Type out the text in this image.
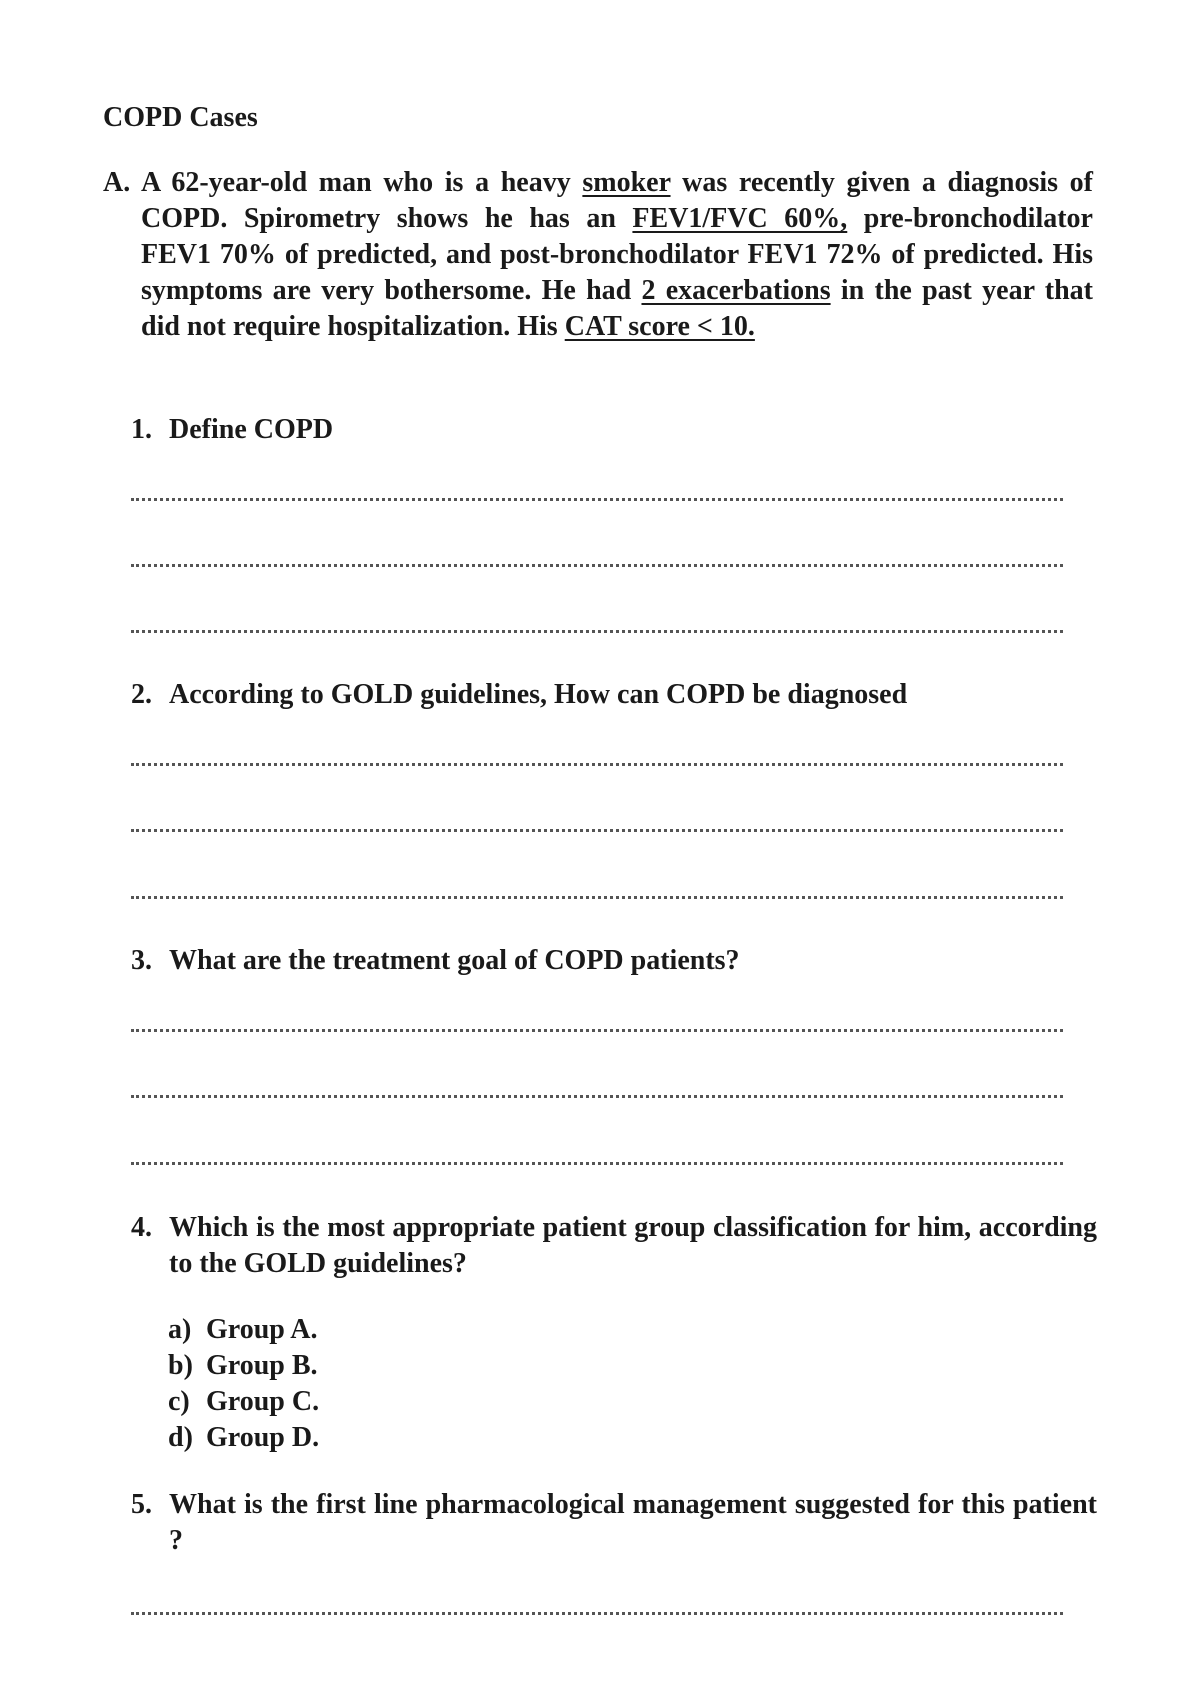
COPD Cases
A. A 62-year-old man who is a heavy smoker was recently given a diagnosis of COPD. Spirometry shows he has an FEV1/FVC 60%, pre-bronchodilator FEV1 70% of predicted, and post-bronchodilator FEV1 72% of predicted. His symptoms are very bothersome. He had 2 exacerbations in the past year that did not require hospitalization. His CAT score < 10.
1. Define COPD
2. According to GOLD guidelines, How can COPD be diagnosed
3. What are the treatment goal of COPD patients?
4. Which is the most appropriate patient group classification for him, according to the GOLD guidelines?
a) Group A.
b) Group B.
c) Group C.
d) Group D.
5. What is the first line pharmacological management suggested for this patient ?
